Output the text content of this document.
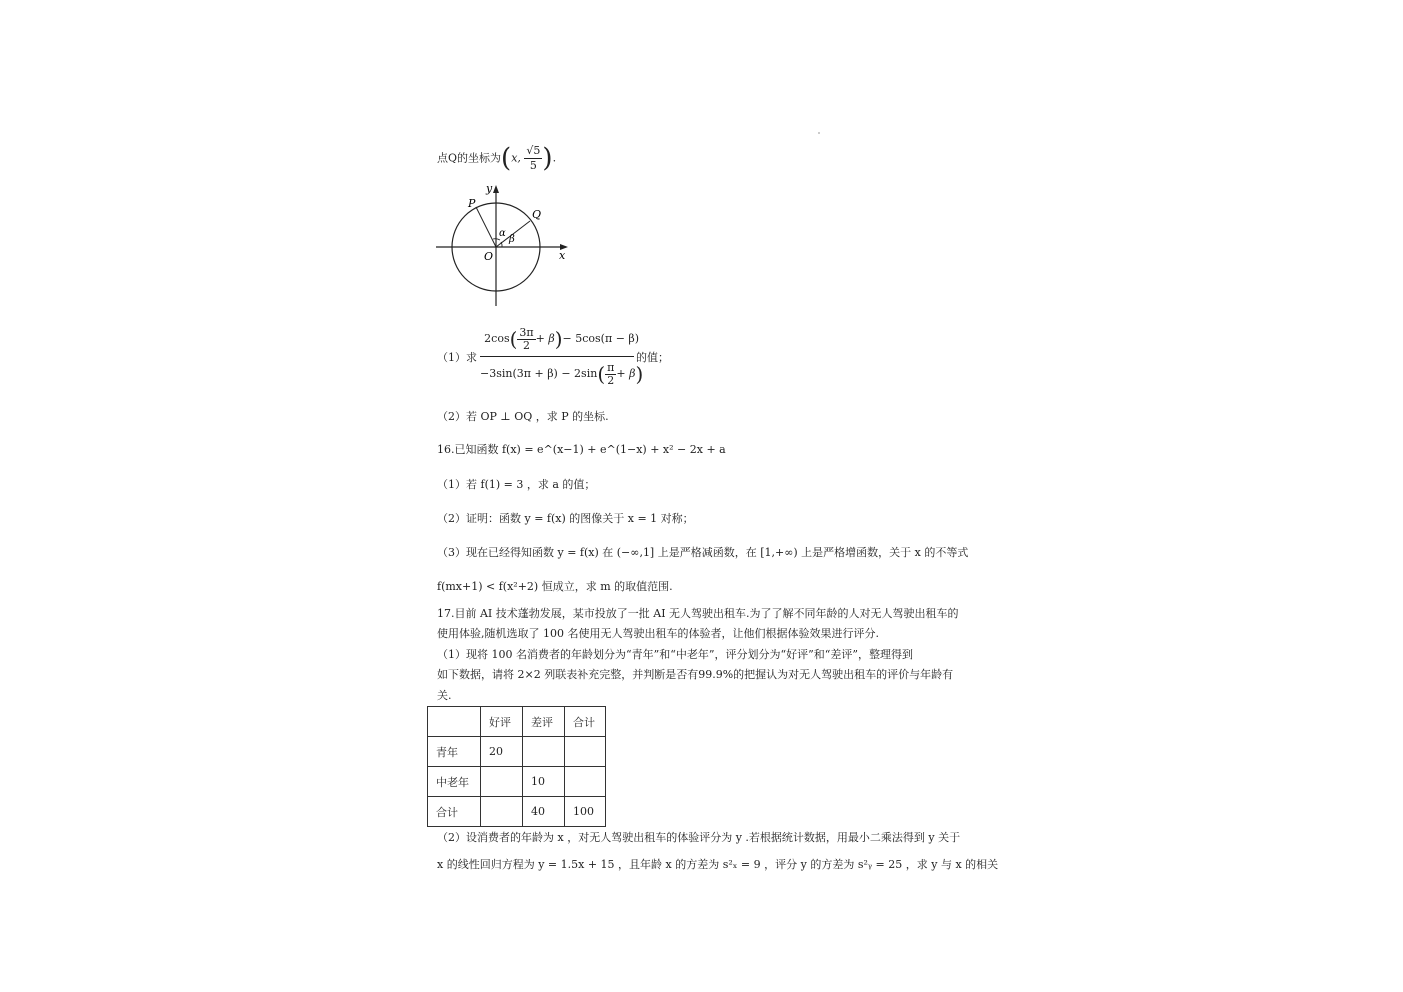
点Q的坐标为(x, $\frac{√5}{5}$ ).
y
x
O
P
Q
α
β
（1）求
$2\cos( \frac{3\pi}{2} + \beta)- 5\cos(\pi - \beta)$
$-3\sin(3\pi + \beta) - 2\sin( \frac{\pi}{2} + \beta)$
的值；
（2）若 OP ⊥ OQ ，求 P 的坐标.
16.已知函数 f(x) = e^(x−1) + e^(1−x) + x² − 2x + a
（1）若 f(1) = 3 ，求 a 的值；
（2）证明：函数 y = f(x) 的图像关于 x = 1 对称；
（3）现在已经得知函数 y = f(x) 在 (−∞,1] 上是严格减函数，在 [1,+∞) 上是严格增函数，关于 x 的不等式
f(mx+1) < f(x²+2) 恒成立，求 m 的取值范围.
17.目前 AI 技术蓬勃发展，某市投放了一批 AI 无人驾驶出租车.为了了解不同年龄的人对无人驾驶出租车的
使用体验,随机选取了 100 名使用无人驾驶出租车的体验者，让他们根据体验效果进行评分.
（1）现将 100 名消费者的年龄划分为“青年”和“中老年”，评分划分为“好评”和“差评”，整理得到
如下数据，请将 2×2 列联表补充完整，并判断是否有99.9%的把握认为对无人驾驶出租车的评价与年龄有
关.
	好评	差评	合计
青年	20		
中老年		10	
合计		40	100
（2）设消费者的年龄为 x ，对无人驾驶出租车的体验评分为 y .若根据统计数据，用最小二乘法得到 y 关于
x 的线性回归方程为 y = 1.5x + 15 ，且年龄 x 的方差为 s²ₓ = 9 ，评分 y 的方差为 s²ᵧ = 25 ，求 y 与 x 的相关
